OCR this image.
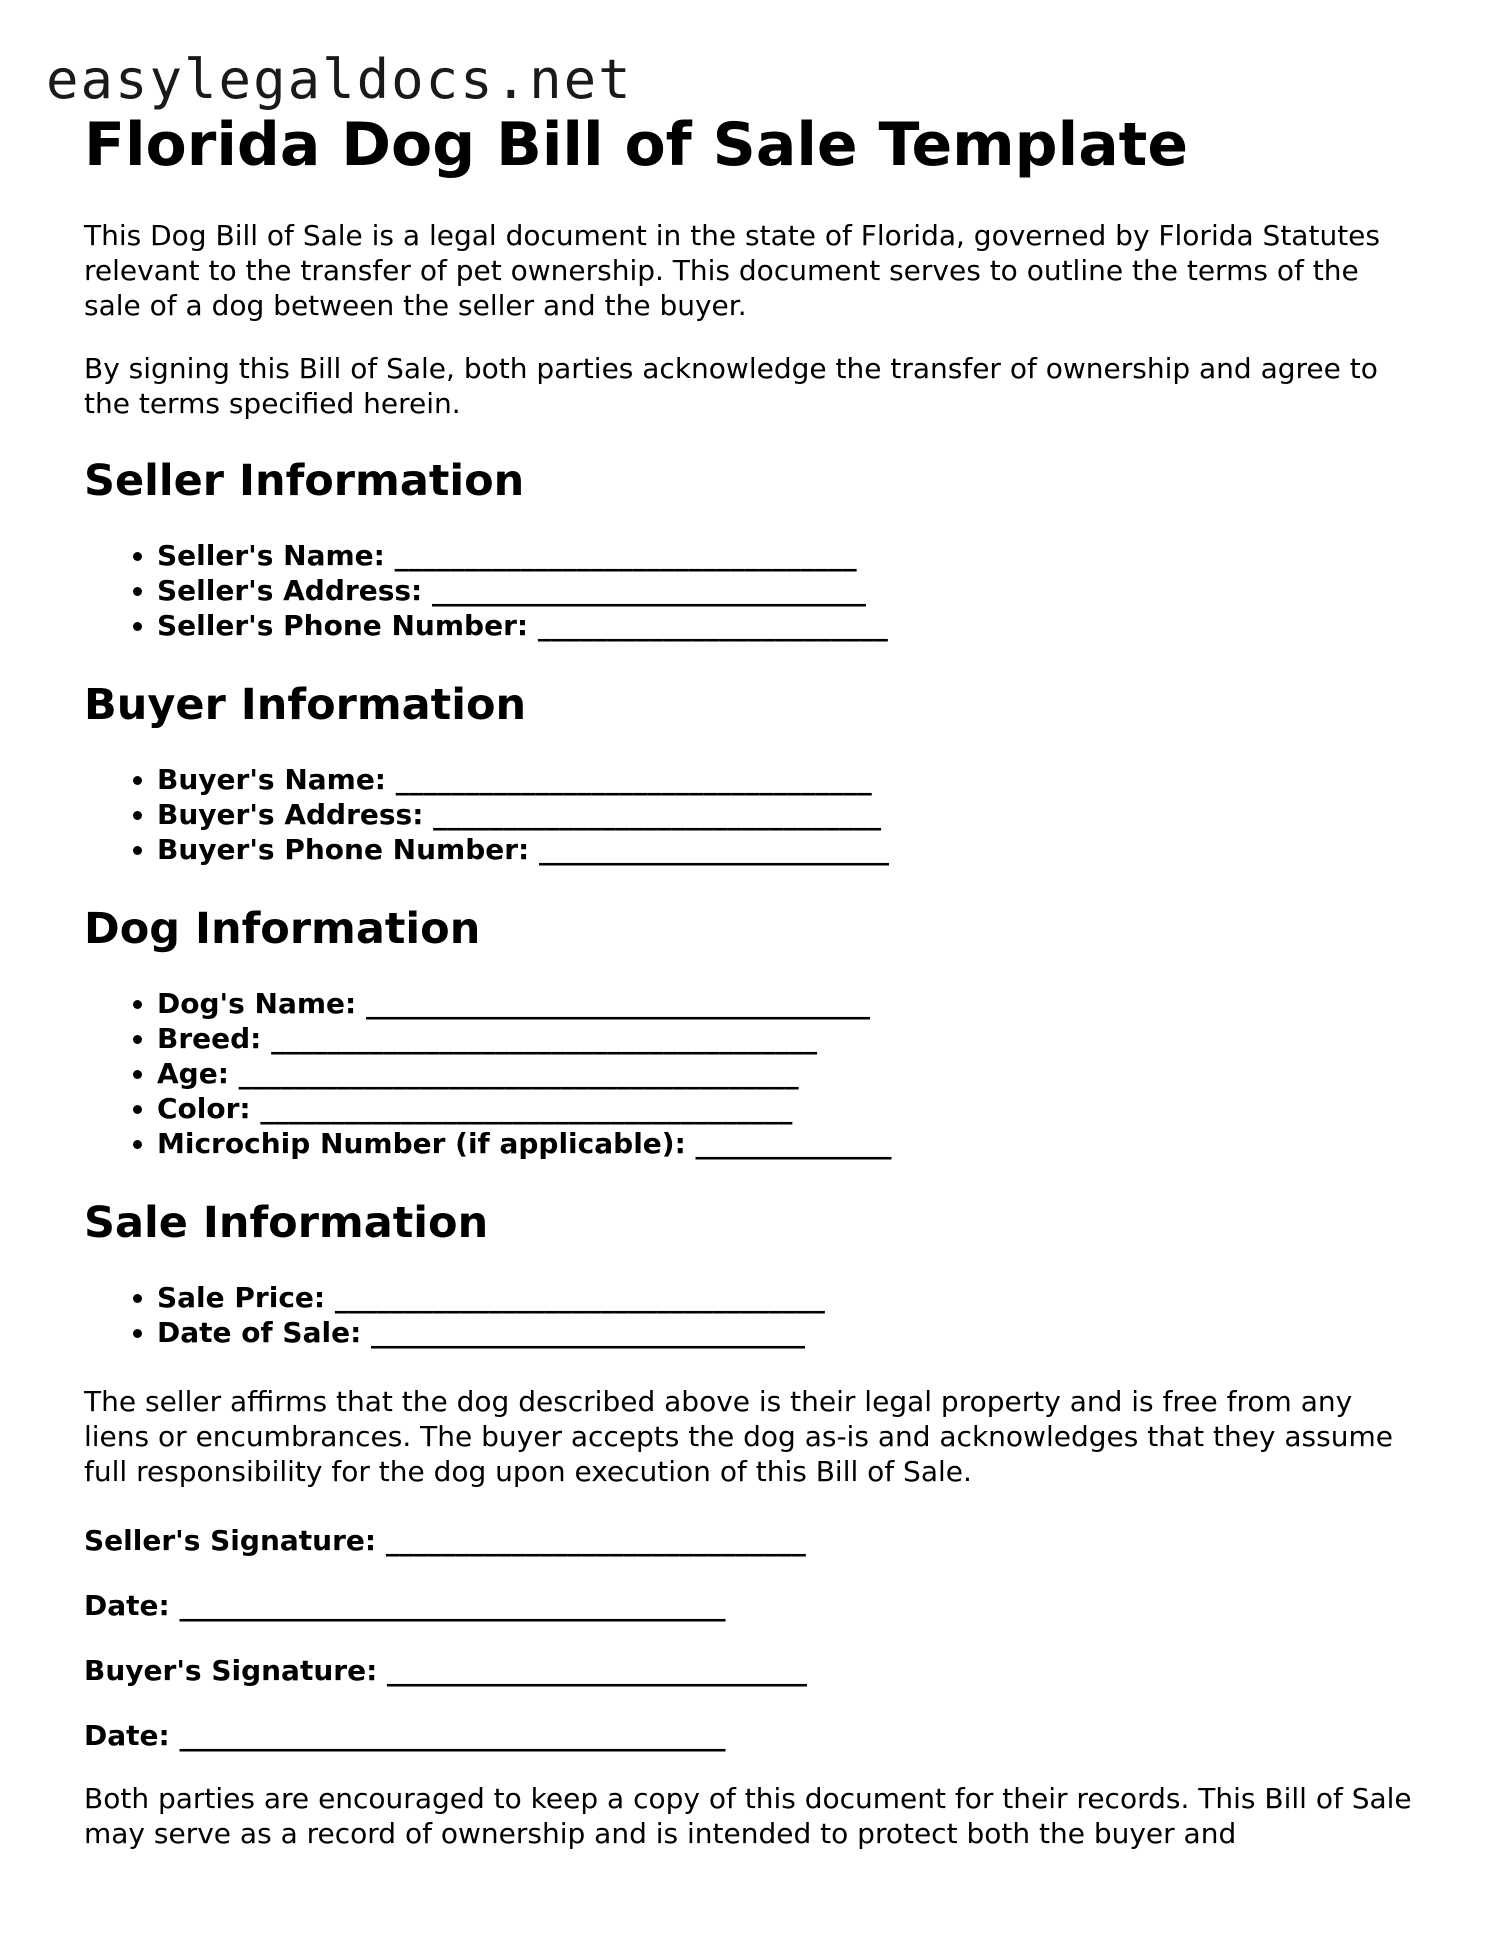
easylegaldocs.net
Florida Dog Bill of Sale Template

This Dog Bill of Sale is a legal document in the state of Florida, governed by Florida Statutes relevant to the transfer of pet ownership. This document serves to outline the terms of the sale of a dog between the seller and the buyer.

By signing this Bill of Sale, both parties acknowledge the transfer of ownership and agree to the terms specified herein.

Seller Information
• Seller's Name: _________________________________
• Seller's Address: _______________________________
• Seller's Phone Number: _________________________
Buyer Information
• Buyer's Name: __________________________________
• Buyer's Address: ________________________________
• Buyer's Phone Number: _________________________
Dog Information
• Dog's Name: ____________________________________
• Breed: _______________________________________
• Age: ________________________________________
• Color: ______________________________________
• Microchip Number (if applicable): ______________
Sale Information
• Sale Price: ___________________________________
• Date of Sale: _______________________________

The seller affirms that the dog described above is their legal property and is free from any liens or encumbrances. The buyer accepts the dog as-is and acknowledges that they assume full responsibility for the dog upon execution of this Bill of Sale.

Seller's Signature: ______________________________
Date: _______________________________________
Buyer's Signature: ______________________________
Date: _______________________________________

Both parties are encouraged to keep a copy of this document for their records. This Bill of Sale may serve as a record of ownership and is intended to protect both the buyer and
